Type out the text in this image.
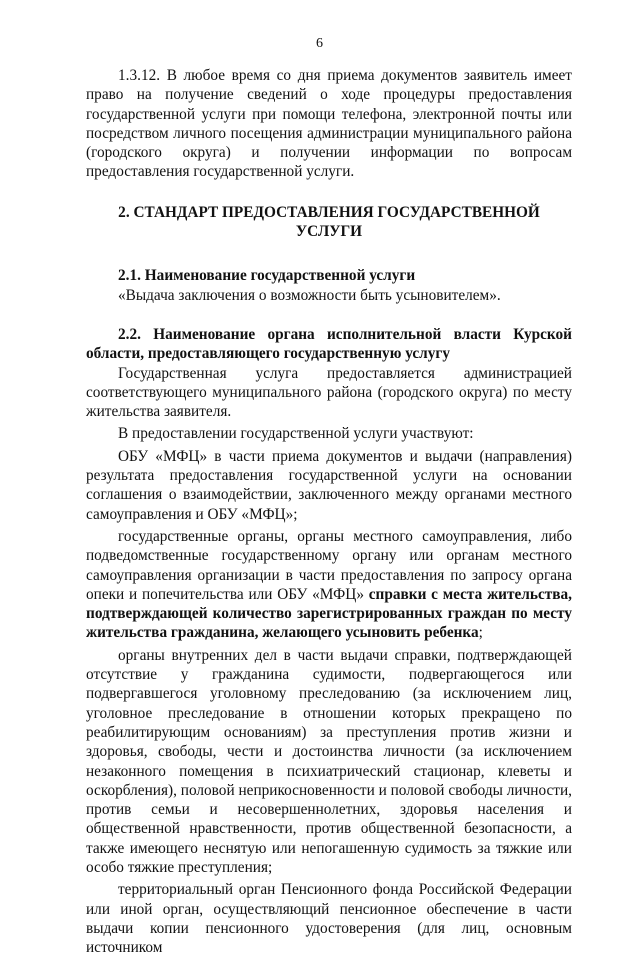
6

1.3.12. В любое время со дня приема документов заявитель имеет право на получение сведений о ходе процедуры предоставления государственной услуги при помощи телефона, электронной почты или посредством личного посещения администрации муниципального района (городского округа) и получении информации по вопросам предоставления государственной услуги.

2. СТАНДАРТ ПРЕДОСТАВЛЕНИЯ ГОСУДАРСТВЕННОЙ УСЛУГИ

2.1. Наименование государственной услуги

«Выдача заключения о возможности быть усыновителем».

2.2. Наименование органа исполнительной власти Курской области, предоставляющего государственную услугу

Государственная услуга предоставляется администрацией соответствующего муниципального района (городского округа) по месту жительства заявителя.

В предоставлении государственной услуги участвуют:

ОБУ «МФЦ» в части приема документов и выдачи (направления) результата предоставления государственной услуги на основании соглашения о взаимодействии, заключенного между органами местного самоуправления и ОБУ «МФЦ»;

государственные органы, органы местного самоуправления, либо подведомственные государственному органу или органам местного самоуправления организации в части предоставления по запросу органа опеки и попечительства или ОБУ «МФЦ» справки с места жительства, подтверждающей количество зарегистрированных граждан по месту жительства гражданина, желающего усыновить ребенка;

органы внутренних дел в части выдачи справки, подтверждающей отсутствие у гражданина судимости, подвергающегося или подвергавшегося уголовному преследованию (за исключением лиц, уголовное преследование в отношении которых прекращено по реабилитирующим основаниям) за преступления против жизни и здоровья, свободы, чести и достоинства личности (за исключением незаконного помещения в психиатрический стационар, клеветы и оскорбления), половой неприкосновенности и половой свободы личности, против семьи и несовершеннолетних, здоровья населения и общественной нравственности, против общественной безопасности, а также имеющего неснятую или непогашенную судимость за тяжкие или особо тяжкие преступления;

территориальный орган Пенсионного фонда Российской Федерации или иной орган, осуществляющий пенсионное обеспечение в части выдачи копии пенсионного удостоверения (для лиц, основным источником
